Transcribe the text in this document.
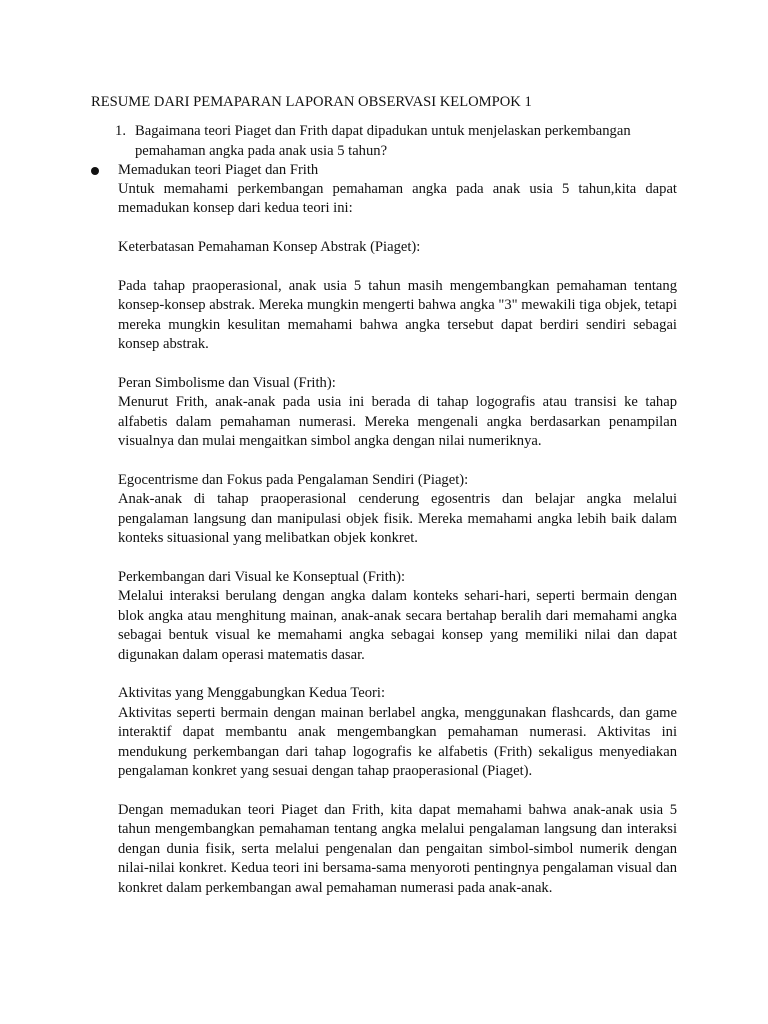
RESUME DARI PEMAPARAN LAPORAN OBSERVASI KELOMPOK 1
1. Bagaimana teori Piaget dan Frith dapat dipadukan untuk menjelaskan perkembangan pemahaman angka pada anak usia 5 tahun?
Memadukan teori Piaget dan Frith

Untuk memahami perkembangan pemahaman angka pada anak usia 5 tahun,kita dapat memadukan konsep dari kedua teori ini:

Keterbatasan Pemahaman Konsep Abstrak (Piaget):

Pada tahap praoperasional, anak usia 5 tahun masih mengembangkan pemahaman tentang konsep-konsep abstrak. Mereka mungkin mengerti bahwa angka "3" mewakili tiga objek, tetapi mereka mungkin kesulitan memahami bahwa angka tersebut dapat berdiri sendiri sebagai konsep abstrak.

Peran Simbolisme dan Visual (Frith):

Menurut Frith, anak-anak pada usia ini berada di tahap logografis atau transisi ke tahap alfabetis dalam pemahaman numerasi. Mereka mengenali angka berdasarkan penampilan visualnya dan mulai mengaitkan simbol angka dengan nilai numeriknya.

Egocentrisme dan Fokus pada Pengalaman Sendiri (Piaget):

Anak-anak di tahap praoperasional cenderung egosentris dan belajar angka melalui pengalaman langsung dan manipulasi objek fisik. Mereka memahami angka lebih baik dalam konteks situasional yang melibatkan objek konkret.

Perkembangan dari Visual ke Konseptual (Frith):

Melalui interaksi berulang dengan angka dalam konteks sehari-hari, seperti bermain dengan blok angka atau menghitung mainan, anak-anak secara bertahap beralih dari memahami angka sebagai bentuk visual ke memahami angka sebagai konsep yang memiliki nilai dan dapat digunakan dalam operasi matematis dasar.

Aktivitas yang Menggabungkan Kedua Teori:

Aktivitas seperti bermain dengan mainan berlabel angka, menggunakan flashcards, dan game interaktif dapat membantu anak mengembangkan pemahaman numerasi. Aktivitas ini mendukung perkembangan dari tahap logografis ke alfabetis (Frith) sekaligus menyediakan pengalaman konkret yang sesuai dengan tahap praoperasional (Piaget).

Dengan memadukan teori Piaget dan Frith, kita dapat memahami bahwa anak-anak usia 5 tahun mengembangkan pemahaman tentang angka melalui pengalaman langsung dan interaksi dengan dunia fisik, serta melalui pengenalan dan pengaitan simbol-simbol numerik dengan nilai-nilai konkret. Kedua teori ini bersama-sama menyoroti pentingnya pengalaman visual dan konkret dalam perkembangan awal pemahaman numerasi pada anak-anak.
